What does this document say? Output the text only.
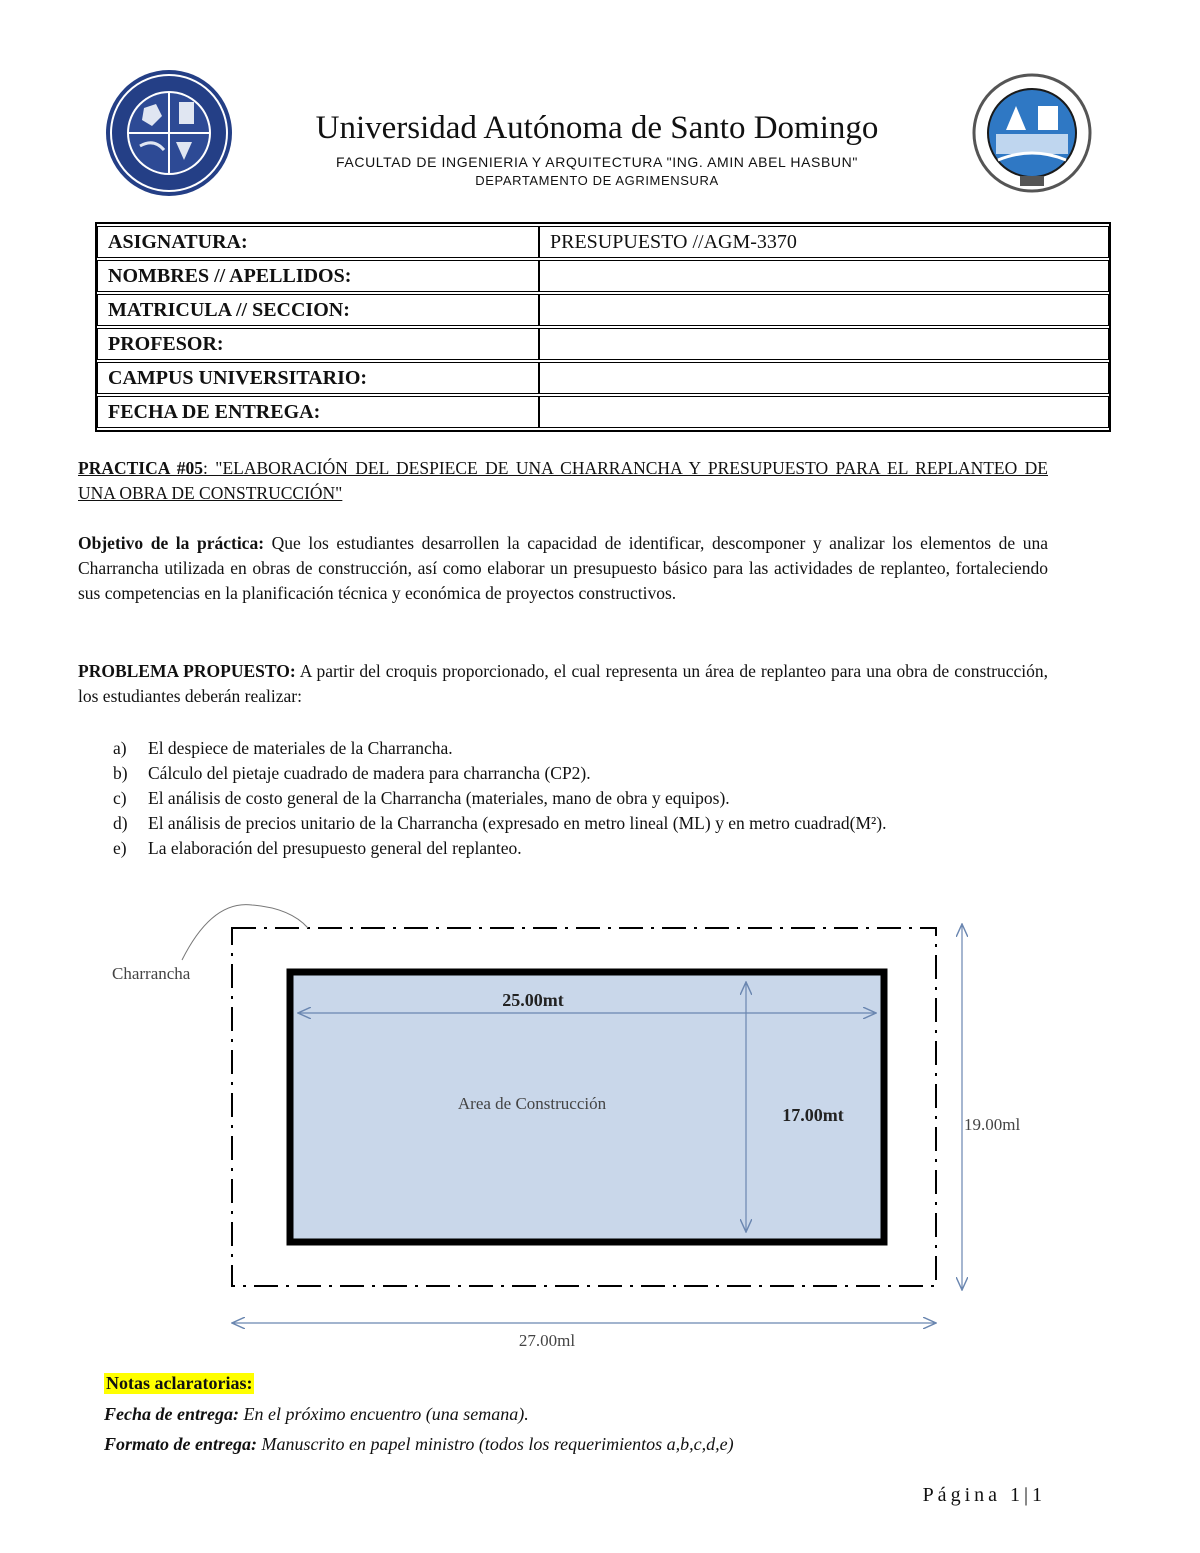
Universidad Autónoma de Santo Domingo
FACULTAD DE INGENIERIA Y ARQUITECTURA "ING. AMIN ABEL HASBUN"
DEPARTAMENTO DE AGRIMENSURA
ASIGNATURA:	PRESUPUESTO //AGM-3370
NOMBRES // APELLIDOS:	
MATRICULA // SECCION:	
PROFESOR:	
CAMPUS UNIVERSITARIO:	
FECHA DE ENTREGA:	
PRACTICA #05: "ELABORACIÓN DEL DESPIECE DE UNA CHARRANCHA Y PRESUPUESTO PARA EL REPLANTEO DE UNA OBRA DE CONSTRUCCIÓN"
Objetivo de la práctica: Que los estudiantes desarrollen la capacidad de identificar, descomponer y analizar los elementos de una Charrancha utilizada en obras de construcción, así como elaborar un presupuesto básico para las actividades de replanteo, fortaleciendo sus competencias en la planificación técnica y económica de proyectos constructivos.
PROBLEMA PROPUESTO: A partir del croquis proporcionado, el cual representa un área de replanteo para una obra de construcción, los estudiantes deberán realizar:
a) El despiece de materiales de la Charrancha.
b) Cálculo del pietaje cuadrado de madera para charrancha (CP2).
c) El análisis de costo general de la Charrancha (materiales, mano de obra y equipos).
d) El análisis de precios unitario de la Charrancha (expresado en metro lineal (ML) y en metro cuadrad(M²).
e) La elaboración del presupuesto general del replanteo.
Charrancha
25.00mt
17.00mt
Area de Construcción
19.00ml
27.00ml
Notas aclaratorias:
Fecha de entrega: En el próximo encuentro (una semana).
Formato de entrega: Manuscrito en papel ministro (todos los requerimientos a,b,c,d,e)
Página 1|1
